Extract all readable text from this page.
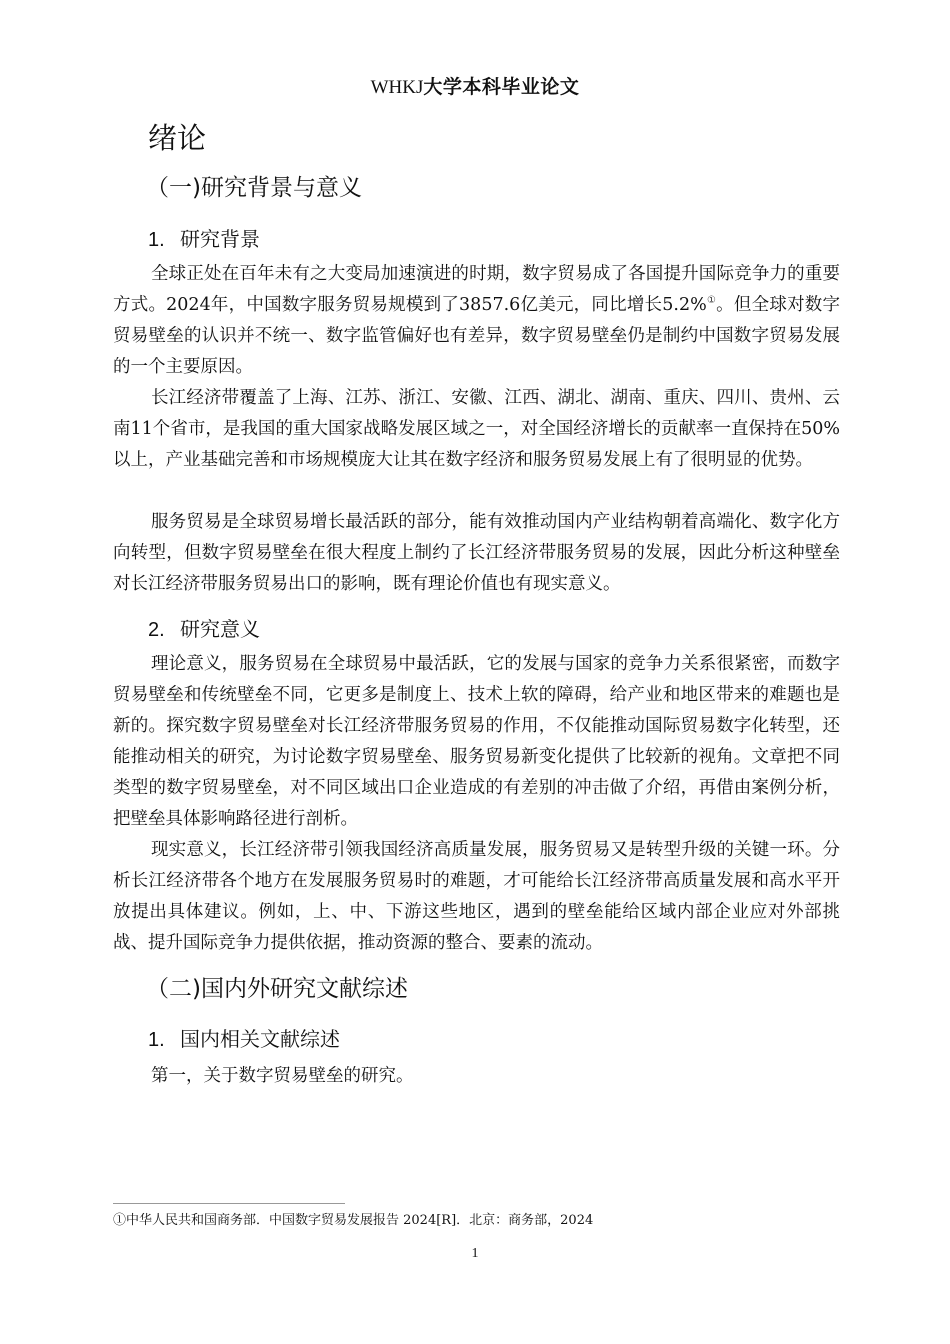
WHKJ大学本科毕业论文
绪论
（一)研究背景与意义
1. 研究背景

全球正处在百年未有之大变局加速演进的时期，数字贸易成了各国提升国际竞争力的重要方式。2024年，中国数字服务贸易规模到了3857.6亿美元，同比增长5.2%①。但全球对数字贸易壁垒的认识并不统一、数字监管偏好也有差异，数字贸易壁垒仍是制约中国数字贸易发展的一个主要原因。

长江经济带覆盖了上海、江苏、浙江、安徽、江西、湖北、湖南、重庆、四川、贵州、云南11个省市，是我国的重大国家战略发展区域之一，对全国经济增长的贡献率一直保持在50%以上，产业基础完善和市场规模庞大让其在数字经济和服务贸易发展上有了很明显的优势。

服务贸易是全球贸易增长最活跃的部分，能有效推动国内产业结构朝着高端化、数字化方向转型，但数字贸易壁垒在很大程度上制约了长江经济带服务贸易的发展，因此分析这种壁垒对长江经济带服务贸易出口的影响，既有理论价值也有现实意义。

2. 研究意义

理论意义，服务贸易在全球贸易中最活跃，它的发展与国家的竞争力关系很紧密，而数字贸易壁垒和传统壁垒不同，它更多是制度上、技术上软的障碍，给产业和地区带来的难题也是新的。探究数字贸易壁垒对长江经济带服务贸易的作用，不仅能推动国际贸易数字化转型，还能推动相关的研究，为讨论数字贸易壁垒、服务贸易新变化提供了比较新的视角。文章把不同类型的数字贸易壁垒，对不同区域出口企业造成的有差别的冲击做了介绍，再借由案例分析，把壁垒具体影响路径进行剖析。

现实意义，长江经济带引领我国经济高质量发展，服务贸易又是转型升级的关键一环。分析长江经济带各个地方在发展服务贸易时的难题，才可能给长江经济带高质量发展和高水平开放提出具体建议。例如，上、中、下游这些地区，遇到的壁垒能给区域内部企业应对外部挑战、提升国际竞争力提供依据，推动资源的整合、要素的流动。

（二)国内外研究文献综述
1. 国内相关文献综述

第一，关于数字贸易壁垒的研究。

①中华人民共和国商务部．中国数字贸易发展报告 2024[R]．北京：商务部，2024
1
